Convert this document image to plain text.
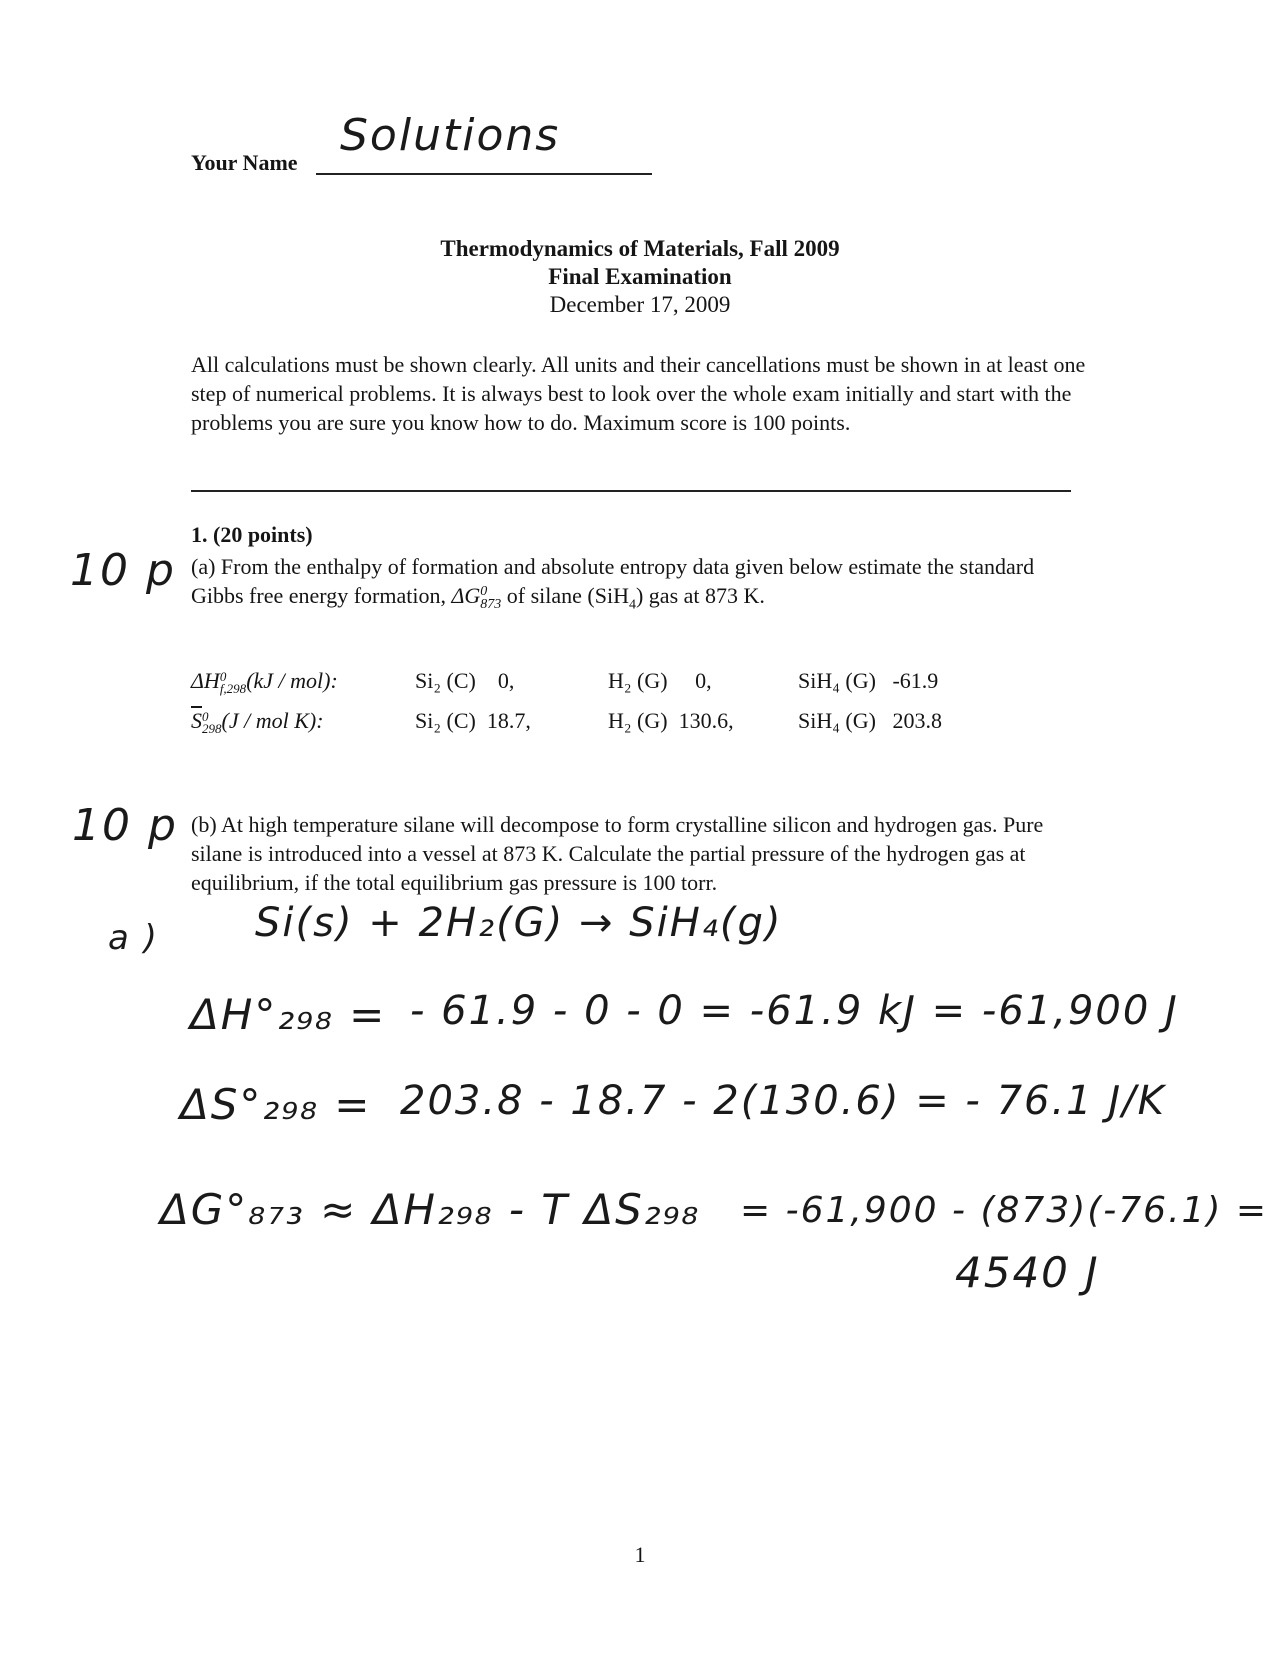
Your Name
Solutions
Thermodynamics of Materials, Fall 2009
Final Examination
December 17, 2009
All calculations must be shown clearly. All units and their cancellations must be shown in at least one step of numerical problems. It is always best to look over the whole exam initially and start with the problems you are sure you know how to do. Maximum score is 100 points.
1. (20 points)
10 p (a) From the enthalpy of formation and absolute entropy data given below estimate the standard Gibbs free energy formation, ΔG 0
873 of silane (SiH$_4$) gas at 873 K.
ΔH 0
f,298 (kJ / mol):	Si₂ (C)    0,	H₂ (G)     0,	SiH₄ (G)   -61.9
$\overline{S}$ 0
298 (J / mol K):	Si₂ (C)  18.7,	H₂ (G)  130.6,	SiH₄ (G)   203.8
10 p (b) At high temperature silane will decompose to form crystalline silicon and hydrogen gas. Pure silane is introduced into a vessel at 873 K. Calculate the partial pressure of the hydrogen gas at equilibrium, if the total equilibrium gas pressure is 100 torr.
a ) Si(s) + 2H₂(G) → SiH₄(g)
ΔH°₂₉₈ = - 61.9 - 0 - 0 = -61.9 kJ = -61,900 J
ΔS°₂₉₈ = 203.8 - 18.7 - 2(130.6) = - 76.1 J/K
ΔG°₈₇₃ ≈ ΔH₂₉₈ - T ΔS₂₉₈ = -61,900 - (873)(-76.1) =
4540 J
1
